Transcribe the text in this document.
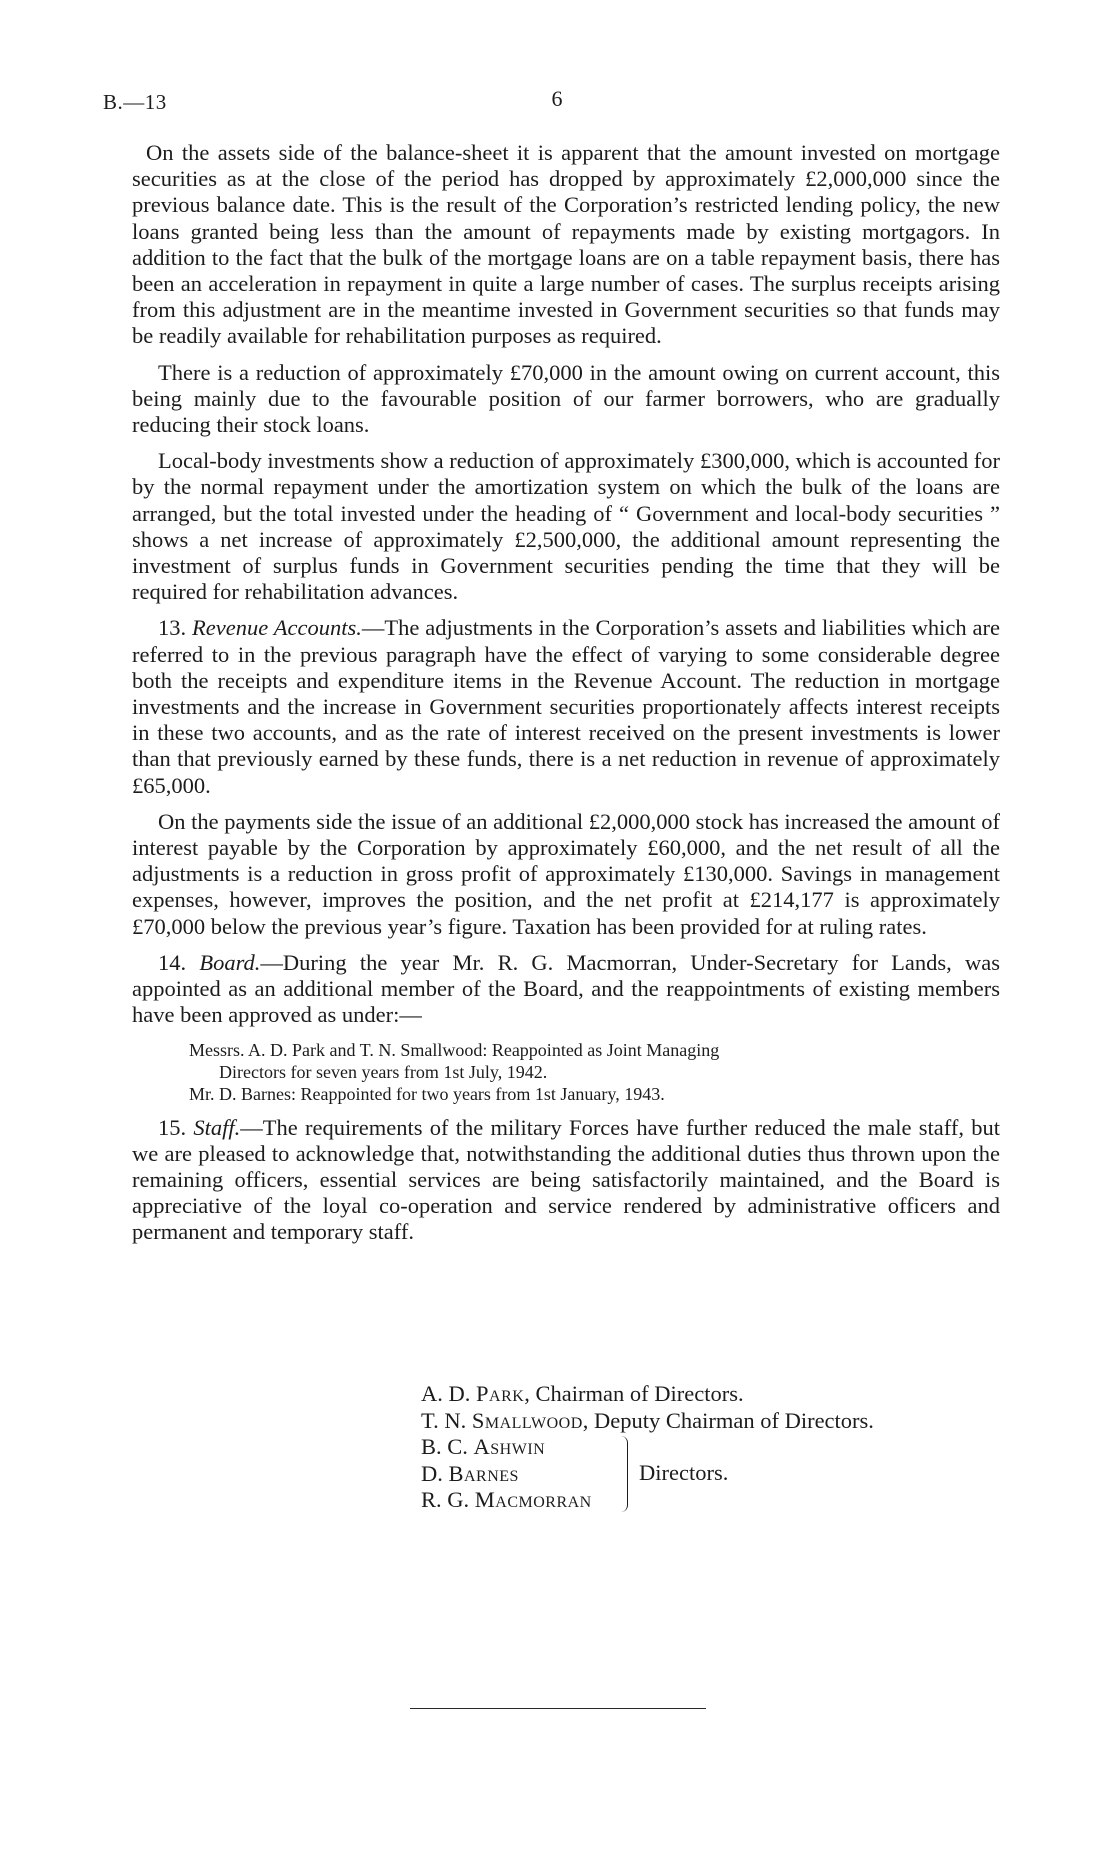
B.—13	6

On the assets side of the balance-sheet it is apparent that the amount invested on mortgage securities as at the close of the period has dropped by approximately £2,000,000 since the previous balance date. This is the result of the Corporation’s restricted lending policy, the new loans granted being less than the amount of repayments made by existing mortgagors. In addition to the fact that the bulk of the mortgage loans are on a table repayment basis, there has been an acceleration in repayment in quite a large number of cases. The surplus receipts arising from this adjustment are in the meantime invested in Government securities so that funds may be readily available for rehabilitation purposes as required.

There is a reduction of approximately £70,000 in the amount owing on current account, this being mainly due to the favourable position of our farmer borrowers, who are gradually reducing their stock loans.

Local-body investments show a reduction of approximately £300,000, which is accounted for by the normal repayment under the amortization system on which the bulk of the loans are arranged, but the total invested under the heading of “ Government and local-body securities ” shows a net increase of approximately £2,500,000, the additional amount representing the investment of surplus funds in Government securities pending the time that they will be required for rehabilitation advances.

13. Revenue Accounts.—The adjustments in the Corporation’s assets and liabilities which are referred to in the previous paragraph have the effect of varying to some considerable degree both the receipts and expenditure items in the Revenue Account. The reduction in mortgage investments and the increase in Government securities proportionately affects interest receipts in these two accounts, and as the rate of interest received on the present investments is lower than that previously earned by these funds, there is a net reduction in revenue of approximately £65,000.

On the payments side the issue of an additional £2,000,000 stock has increased the amount of interest payable by the Corporation by approximately £60,000, and the net result of all the adjustments is a reduction in gross profit of approximately £130,000. Savings in management expenses, however, improves the position, and the net profit at £214,177 is approximately £70,000 below the previous year’s figure. Taxation has been provided for at ruling rates.

14. Board.—During the year Mr. R. G. Macmorran, Under-Secretary for Lands, was appointed as an additional member of the Board, and the reappointments of existing members have been approved as under:—

Messrs. A. D. Park and T. N. Smallwood: Reappointed as Joint Managing
Directors for seven years from 1st July, 1942.
Mr. D. Barnes: Reappointed for two years from 1st January, 1943.

15. Staff.—The requirements of the military Forces have further reduced the male staff, but we are pleased to acknowledge that, notwithstanding the additional duties thus thrown upon the remaining officers, essential services are being satisfactorily maintained, and the Board is appreciative of the loyal co-operation and service rendered by administrative officers and permanent and temporary staff.

A. D. Park, Chairman of Directors.
T. N. Smallwood, Deputy Chairman of Directors.
B. C. Ashwin
D. Barnes
R. G. Macmorran
Directors.
